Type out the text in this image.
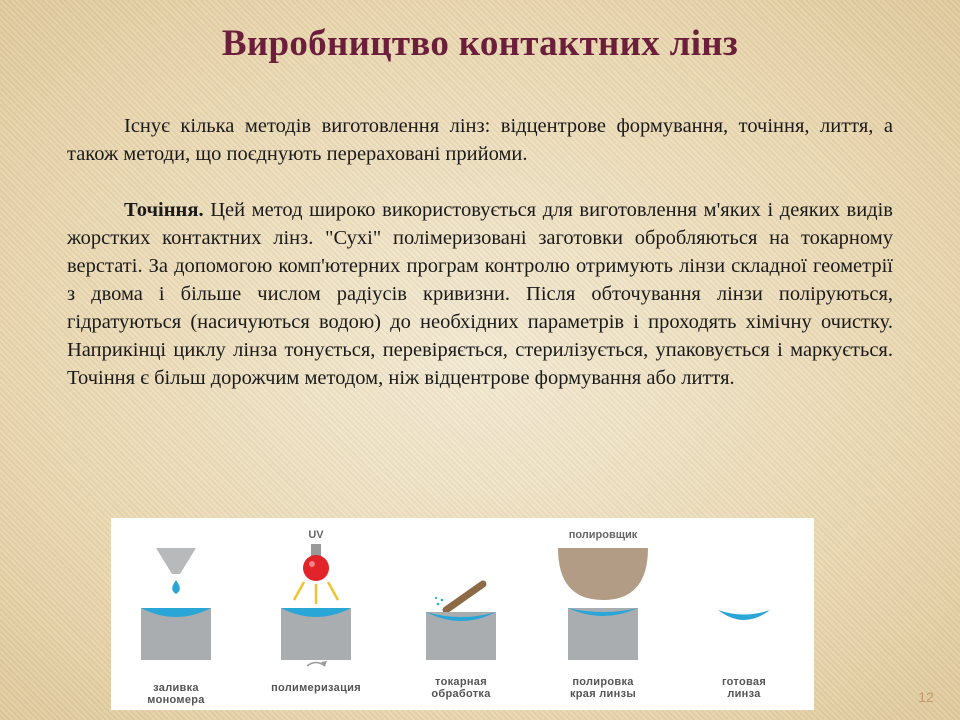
Виробництво контактних лінз

Існує кілька методів виготовлення лінз: відцентрове формування, точіння, лиття, а також методи, що поєднують перераховані прийоми.

Точіння. Цей метод широко використовується для виготовлення м'яких і деяких видів жорстких контактних лінз. "Сухі" полімеризовані заготовки обробляються на токарному верстаті. За допомогою комп'ютерних програм контролю отримують лінзи складної геометрії з двома і більше числом радіусів кривизни. Після обточування лінзи поліруються, гідратуються (насичуються водою) до необхідних параметрів і проходять хімічну очистку. Наприкінці циклу лінза тонується, перевіряється, стерилізується, упаковується і маркується. Точіння є більш дорожчим методом, ніж відцентрове формування або лиття.

UV	полировщик
заливка
мономера
полимеризация	токарная
обработка
полировка
края линзы
готовая
линза	12
